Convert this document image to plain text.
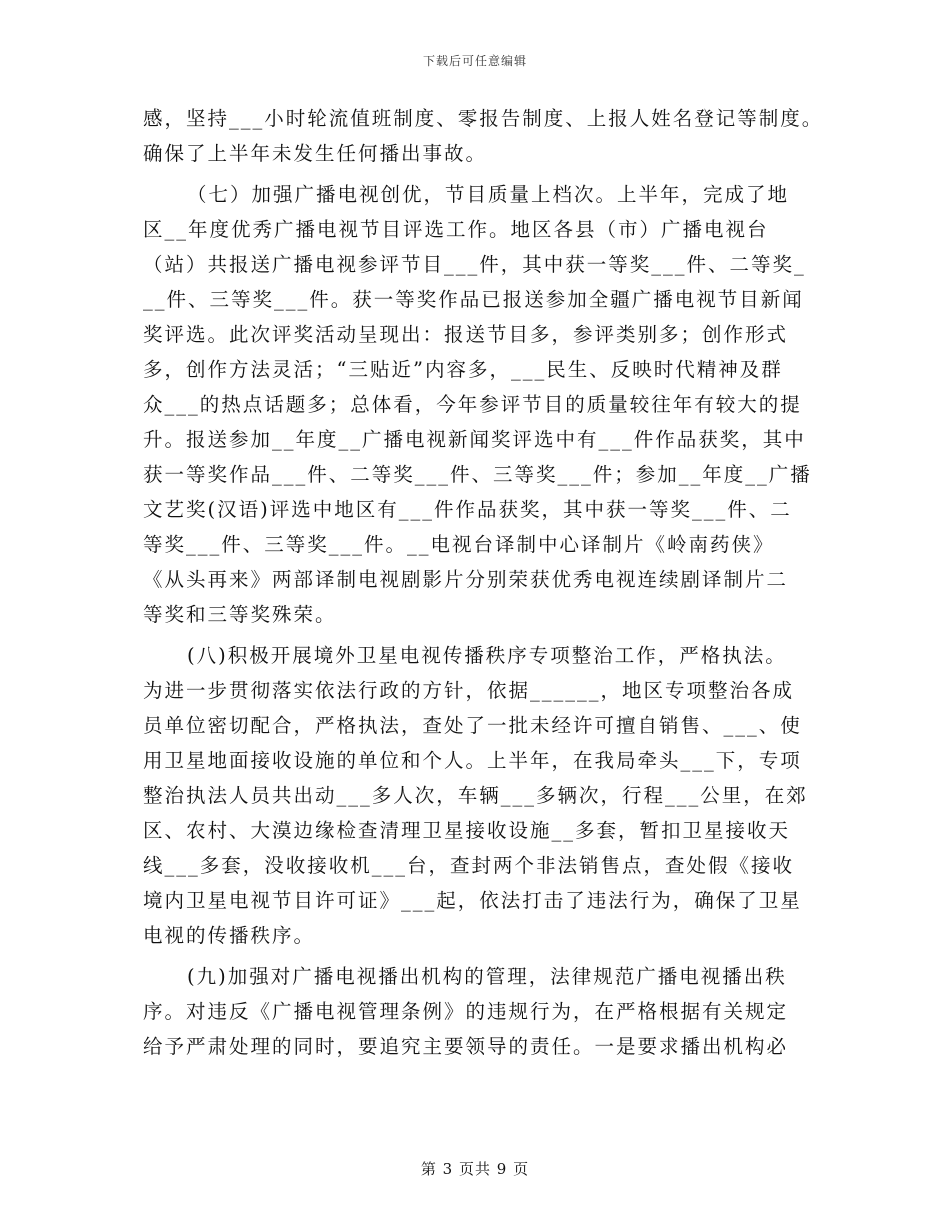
下载后可任意编辑
感，坚持___小时轮流值班制度、零报告制度、上报人姓名登记等制度。
确保了上半年未发生任何播出事故。
（七）加强广播电视创优，节目质量上档次。上半年，完成了地
区__年度优秀广播电视节目评选工作。地区各县（市）广播电视台
（站）共报送广播电视参评节目___件，其中获一等奖___件、二等奖_
__件、三等奖___件。获一等奖作品已报送参加全疆广播电视节目新闻
奖评选。此次评奖活动呈现出：报送节目多，参评类别多；创作形式
多，创作方法灵活；“三贴近”内容多，___民生、反映时代精神及群
众___的热点话题多；总体看，今年参评节目的质量较往年有较大的提
升。报送参加__年度__广播电视新闻奖评选中有___件作品获奖，其中
获一等奖作品___件、二等奖___件、三等奖___件；参加__年度__广播
文艺奖(汉语)评选中地区有___件作品获奖，其中获一等奖___件、二
等奖___件、三等奖___件。__电视台译制中心译制片《岭南药侠》
《从头再来》两部译制电视剧影片分别荣获优秀电视连续剧译制片二
等奖和三等奖殊荣。
(八)积极开展境外卫星电视传播秩序专项整治工作，严格执法。
为进一步贯彻落实依法行政的方针，依据______，地区专项整治各成
员单位密切配合，严格执法，查处了一批未经许可擅自销售、___、使
用卫星地面接收设施的单位和个人。上半年，在我局牵头___下，专项
整治执法人员共出动___多人次，车辆___多辆次，行程___公里，在郊
区、农村、大漠边缘检查清理卫星接收设施__多套，暂扣卫星接收天
线___多套，没收接收机___台，查封两个非法销售点，查处假《接收
境内卫星电视节目许可证》___起，依法打击了违法行为，确保了卫星
电视的传播秩序。
(九)加强对广播电视播出机构的管理，法律规范广播电视播出秩
序。对违反《广播电视管理条例》的违规行为，在严格根据有关规定
给予严肃处理的同时，要追究主要领导的责任。一是要求播出机构必
第 3 页共 9 页
